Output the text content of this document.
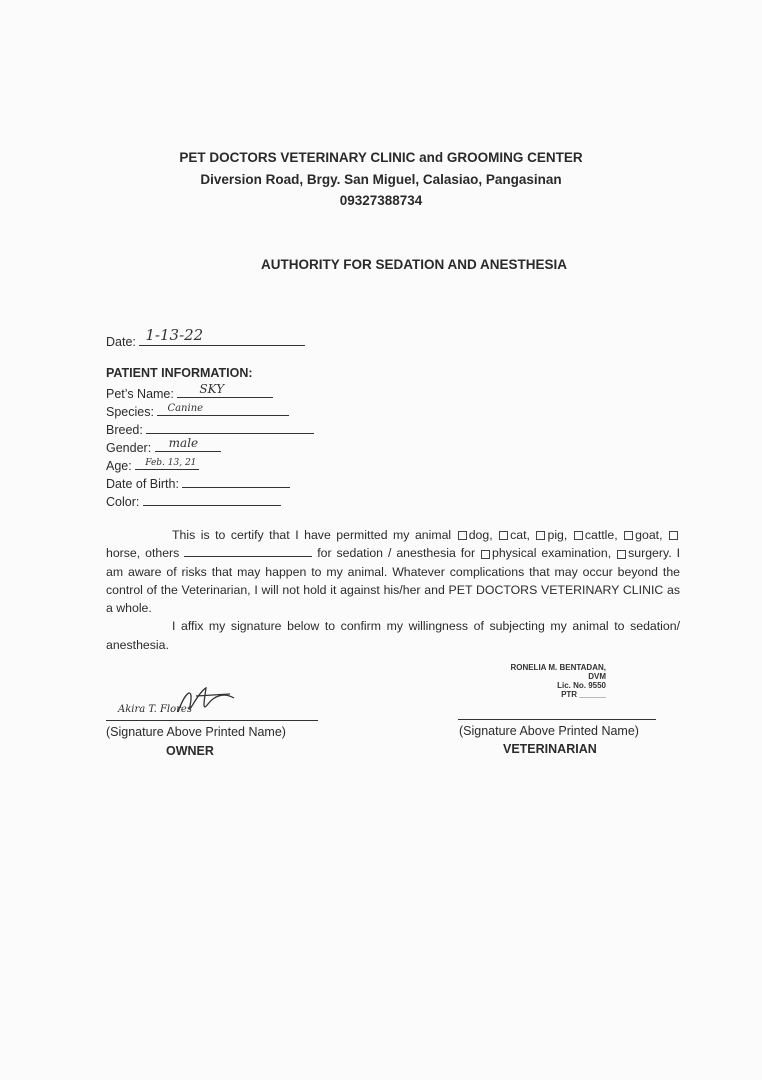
PET DOCTORS VETERINARY CLINIC and GROOMING CENTER
Diversion Road, Brgy. San Miguel, Calasiao, Pangasinan
09327388734
AUTHORITY FOR SEDATION AND ANESTHESIA
Date: 1-13-22
PATIENT INFORMATION:
Pet’s Name: SKY
Species: Canine
Breed:
Gender: male
Age: Feb. 13, 21
Date of Birth:
Color:

This is to certify that I have permitted my animal dog, cat, pig, cattle, goat, horse, others	for sedation / anesthesia for physical examination, surgery. I am aware of risks that may happen to my animal. Whatever complications that may occur beyond the control of the Veterinarian, I will not hold it against his/her and PET DOCTORS VETERINARY CLINIC as a whole.

I affix my signature below to confirm my willingness of subjecting my animal to sedation/ anesthesia.

Akira T. Flores
(Signature Above Printed Name)
OWNER
RONELIA M. BENTADAN, DVM
Lic. No. 9550
PTR ______
(Signature Above Printed Name)
VETERINARIAN
